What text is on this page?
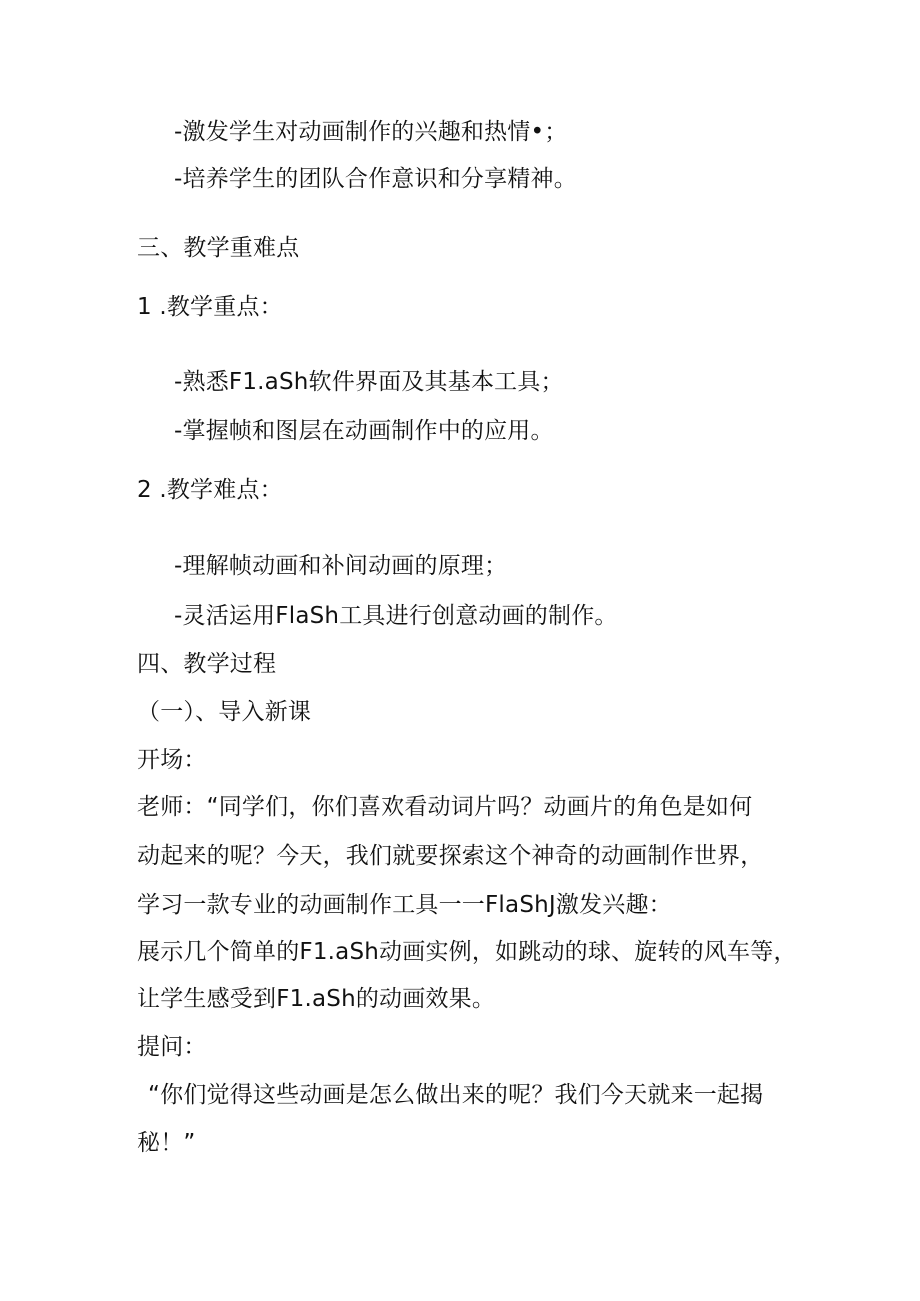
-激发学生对动画制作的兴趣和热情•；
-培养学生的团队合作意识和分享精神。
三、教学重难点
1 .教学重点：
-熟悉F1.aSh软件界面及其基本工具；
-掌握帧和图层在动画制作中的应用。
2 .教学难点：
-理解帧动画和补间动画的原理；
-灵活运用FlaSh工具进行创意动画的制作。
四、教学过程
（一）、导入新课
开场：
老师：“同学们，你们喜欢看动词片吗？动画片的角色是如何
动起来的呢？今天，我们就要探索这个神奇的动画制作世界，
学习一款专业的动画制作工具一一FlaShJ激发兴趣：
展示几个简单的F1.aSh动画实例，如跳动的球、旋转的风车等，
让学生感受到F1.aSh的动画效果。
提问：
“你们觉得这些动画是怎么做出来的呢？我们今天就来一起揭
秘！”
